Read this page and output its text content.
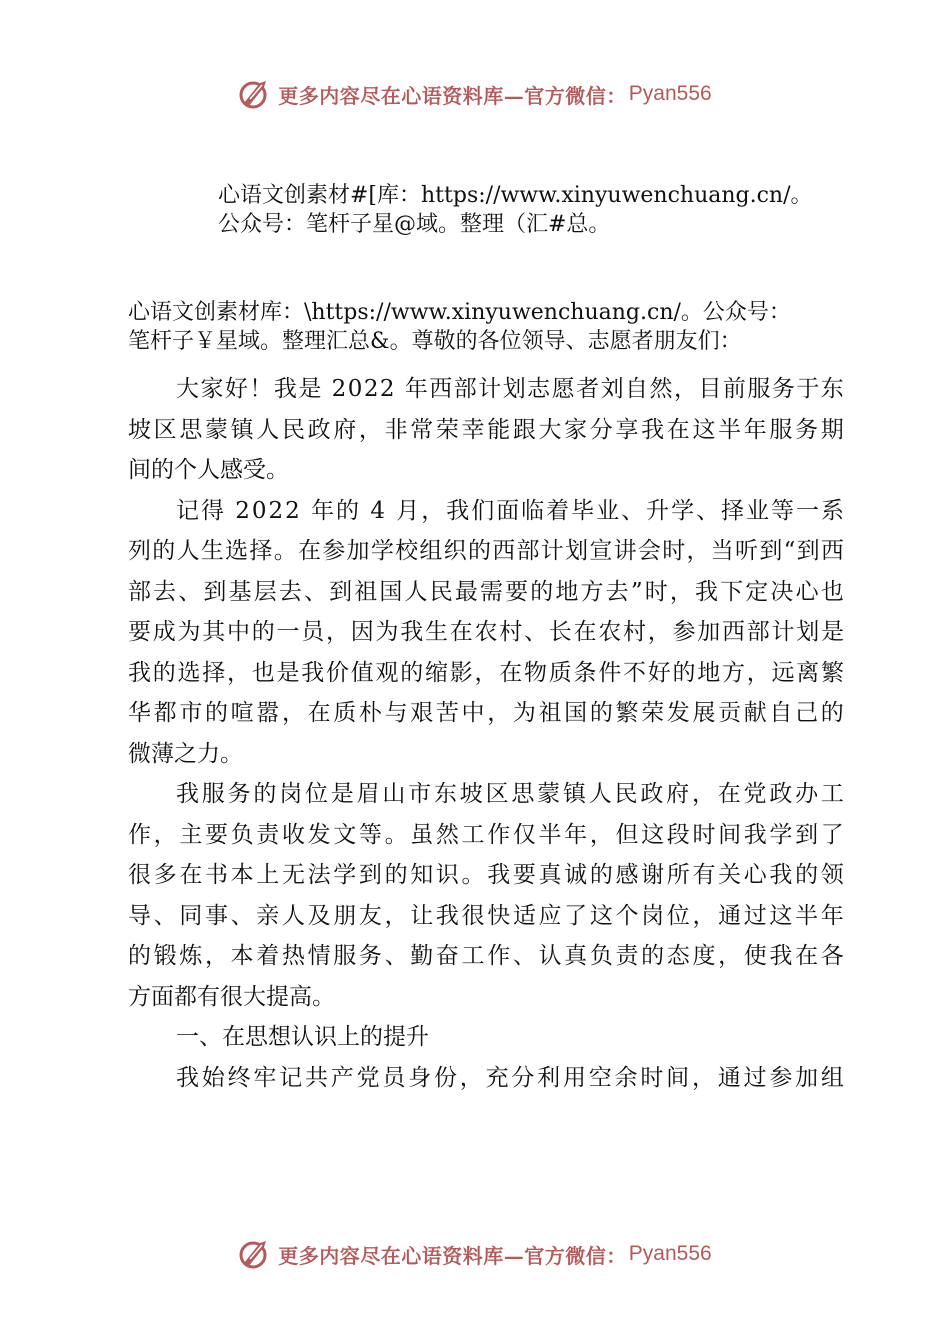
更多内容尽在心语资料库—官方微信： Pyan556
心语文创素材#[库：https://www.xinyuwenchuang.cn/。
公众号：笔杆子星@域。整理（汇#总。
心语文创素材库：\https://www.xinyuwenchuang.cn/。公众号：
笔杆子￥星域。整理汇总&。尊敬的各位领导、志愿者朋友们：
大 家 好 ！ 我 是
2 0 2 2
年 西 部 计 划 志 愿 者 刘 自 然 ， 目 前 服 务 于 东
坡 区 思 蒙 镇 人 民 政 府 ， 非 常 荣 幸 能 跟 大 家 分 享 我 在 这 半 年 服 务 期
间的个人感受。
记 得
2 0 2 2
年 的
4
月 ， 我 们 面 临 着 毕 业 、 升 学 、 择 业 等 一 系
列 的 人 生 选 择 。 在 参 加 学 校 组 织 的 西 部 计 划 宣 讲 会 时 ， 当 听 到 “ 到 西
部 去 、 到 基 层 去 、 到 祖 国 人 民 最 需 要 的 地 方 去 ” 时 ， 我 下 定 决 心 也
要 成 为 其 中 的 一 员 ， 因 为 我 生 在 农 村 、 长 在 农 村 ， 参 加 西 部 计 划 是
我 的 选 择 ， 也 是 我 价 值 观 的 缩 影 ， 在 物 质 条 件 不 好 的 地 方 ， 远 离 繁
华 都 市 的 喧 嚣 ， 在 质 朴 与 艰 苦 中 ， 为 祖 国 的 繁 荣 发 展 贡 献 自 己 的
微薄之力。
我 服 务 的 岗 位 是 眉 山 市 东 坡 区 思 蒙 镇 人 民 政 府 ， 在 党 政 办 工
作 ， 主 要 负 责 收 发 文 等 。 虽 然 工 作 仅 半 年 ， 但 这 段 时 间 我 学 到 了
很 多 在 书 本 上 无 法 学 到 的 知 识 。 我 要 真 诚 的 感 谢 所 有 关 心 我 的 领
导 、 同 事 、 亲 人 及 朋 友 ， 让 我 很 快 适 应 了 这 个 岗 位 ， 通 过 这 半 年
的 锻 炼 ， 本 着 热 情 服 务 、 勤 奋 工 作 、 认 真 负 责 的 态 度 ， 使 我 在 各
方面都有很大提高。
一、在思想认识上的提升
我 始 终 牢 记 共 产 党 员 身 份 ， 充 分 利 用 空 余 时 间 ， 通 过 参 加 组
更多内容尽在心语资料库—官方微信： Pyan556
